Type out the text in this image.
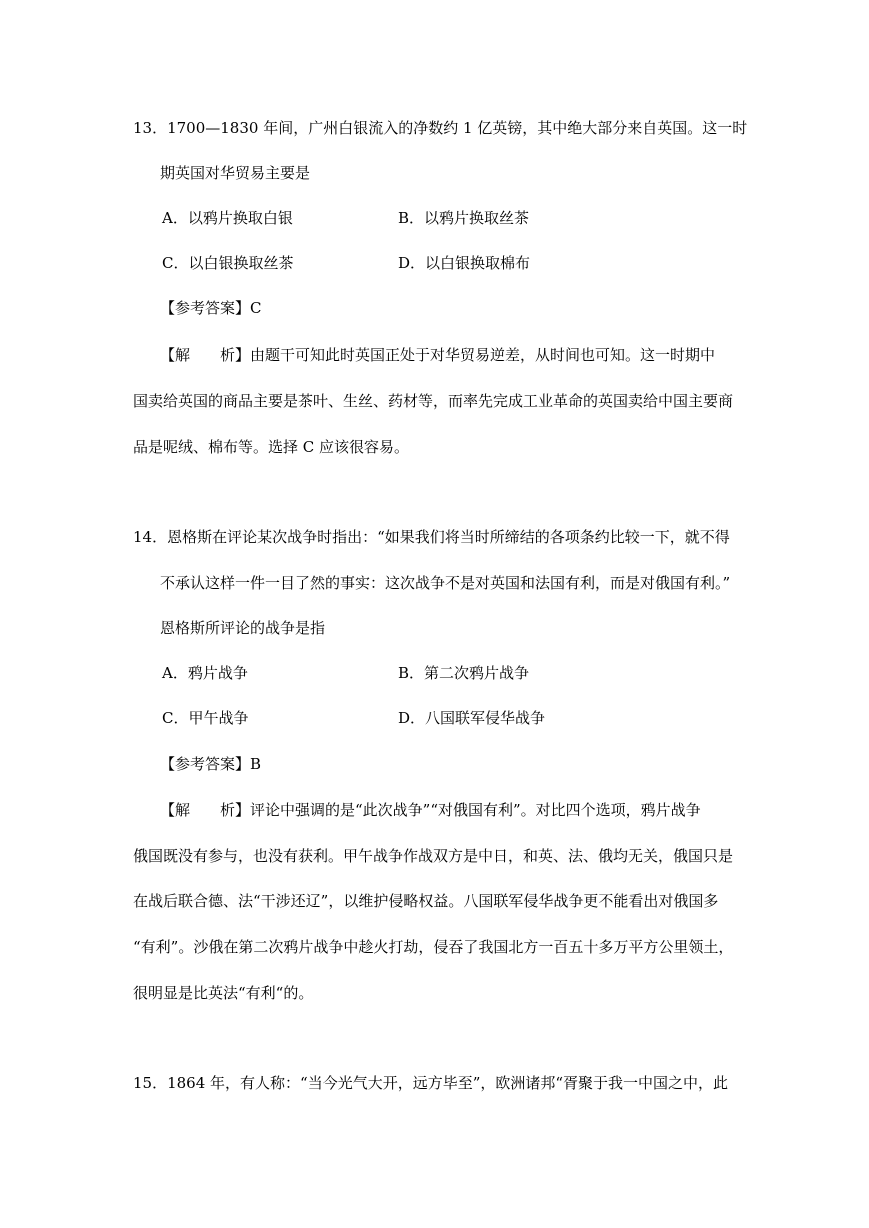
13．1700—1830 年间，广州白银流入的净数约 1 亿英镑，其中绝大部分来自英国。这一时
期英国对华贸易主要是
A．以鸦片换取白银	B．以鸦片换取丝茶
C．以白银换取丝茶	D．以白银换取棉布
【参考答案】C
【解　　析】由题干可知此时英国正处于对华贸易逆差，从时间也可知。这一时期中
国卖给英国的商品主要是茶叶、生丝、药材等，而率先完成工业革命的英国卖给中国主要商
品是呢绒、棉布等。选择 C 应该很容易。
14．恩格斯在评论某次战争时指出：“如果我们将当时所缔结的各项条约比较一下，就不得
不承认这样一件一目了然的事实：这次战争不是对英国和法国有利，而是对俄国有利。”
恩格斯所评论的战争是指
A．鸦片战争	B．第二次鸦片战争
C．甲午战争	D．八国联军侵华战争
【参考答案】B
【解　　析】评论中强调的是“此次战争”“对俄国有利”。对比四个选项，鸦片战争
俄国既没有参与，也没有获利。甲午战争作战双方是中日，和英、法、俄均无关，俄国只是
在战后联合德、法“干涉还辽”，以维护侵略权益。八国联军侵华战争更不能看出对俄国多
“有利”。沙俄在第二次鸦片战争中趁火打劫，侵吞了我国北方一百五十多万平方公里领土，
很明显是比英法“有利“的。
15．1864 年，有人称：“当今光气大开，远方毕至”，欧洲诸邦“胥聚于我一中国之中，此
